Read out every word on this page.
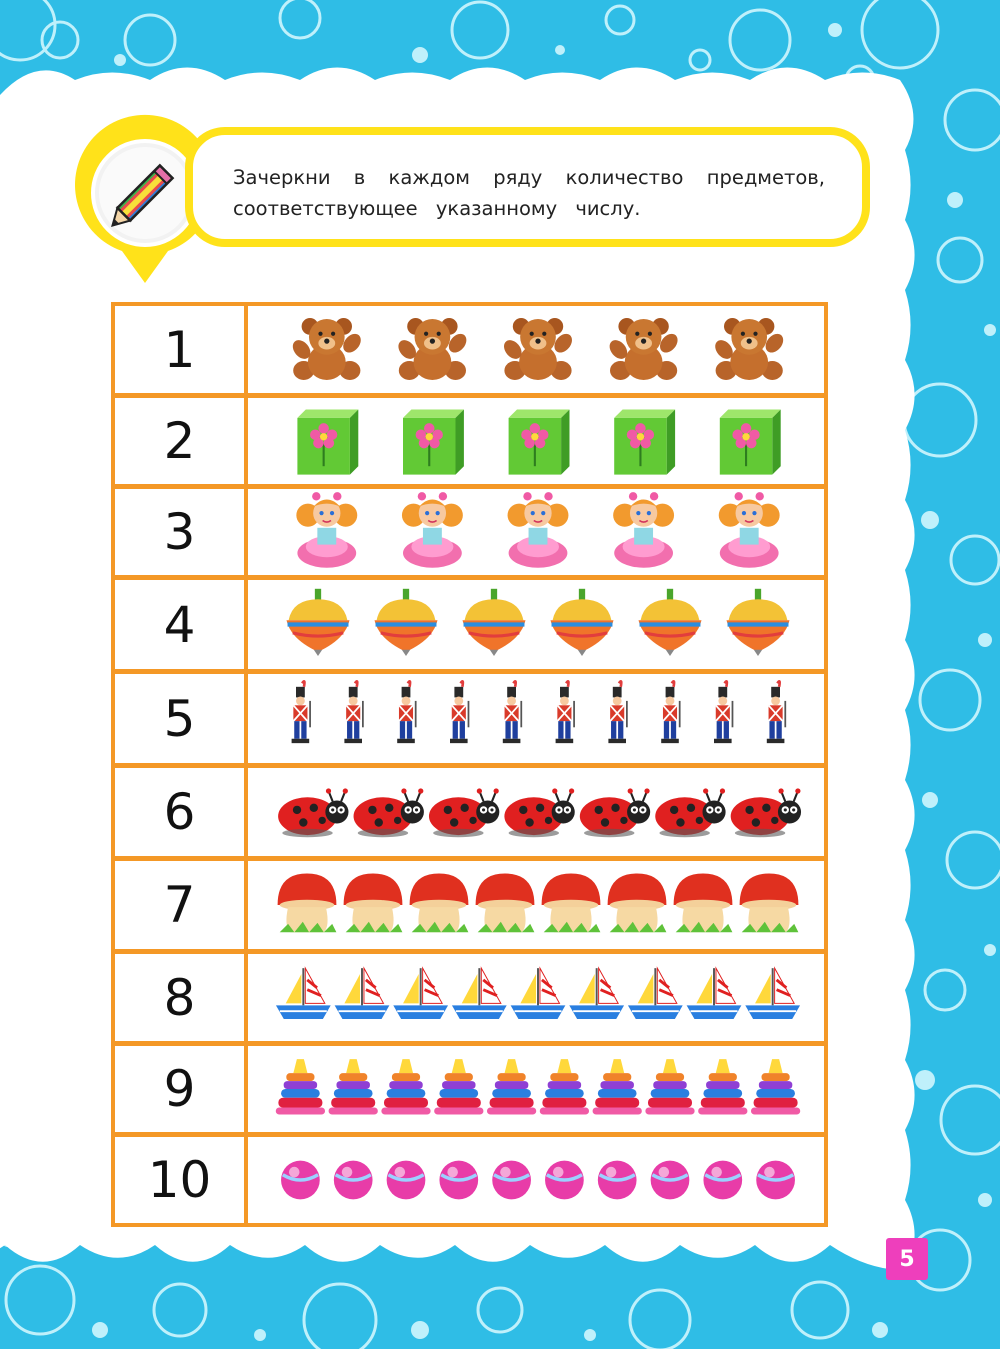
Зачеркни в каждом ряду количество предметов,
соответствующее указанному числу.
1
2
3
4
5
6
7
8
9
10
5
